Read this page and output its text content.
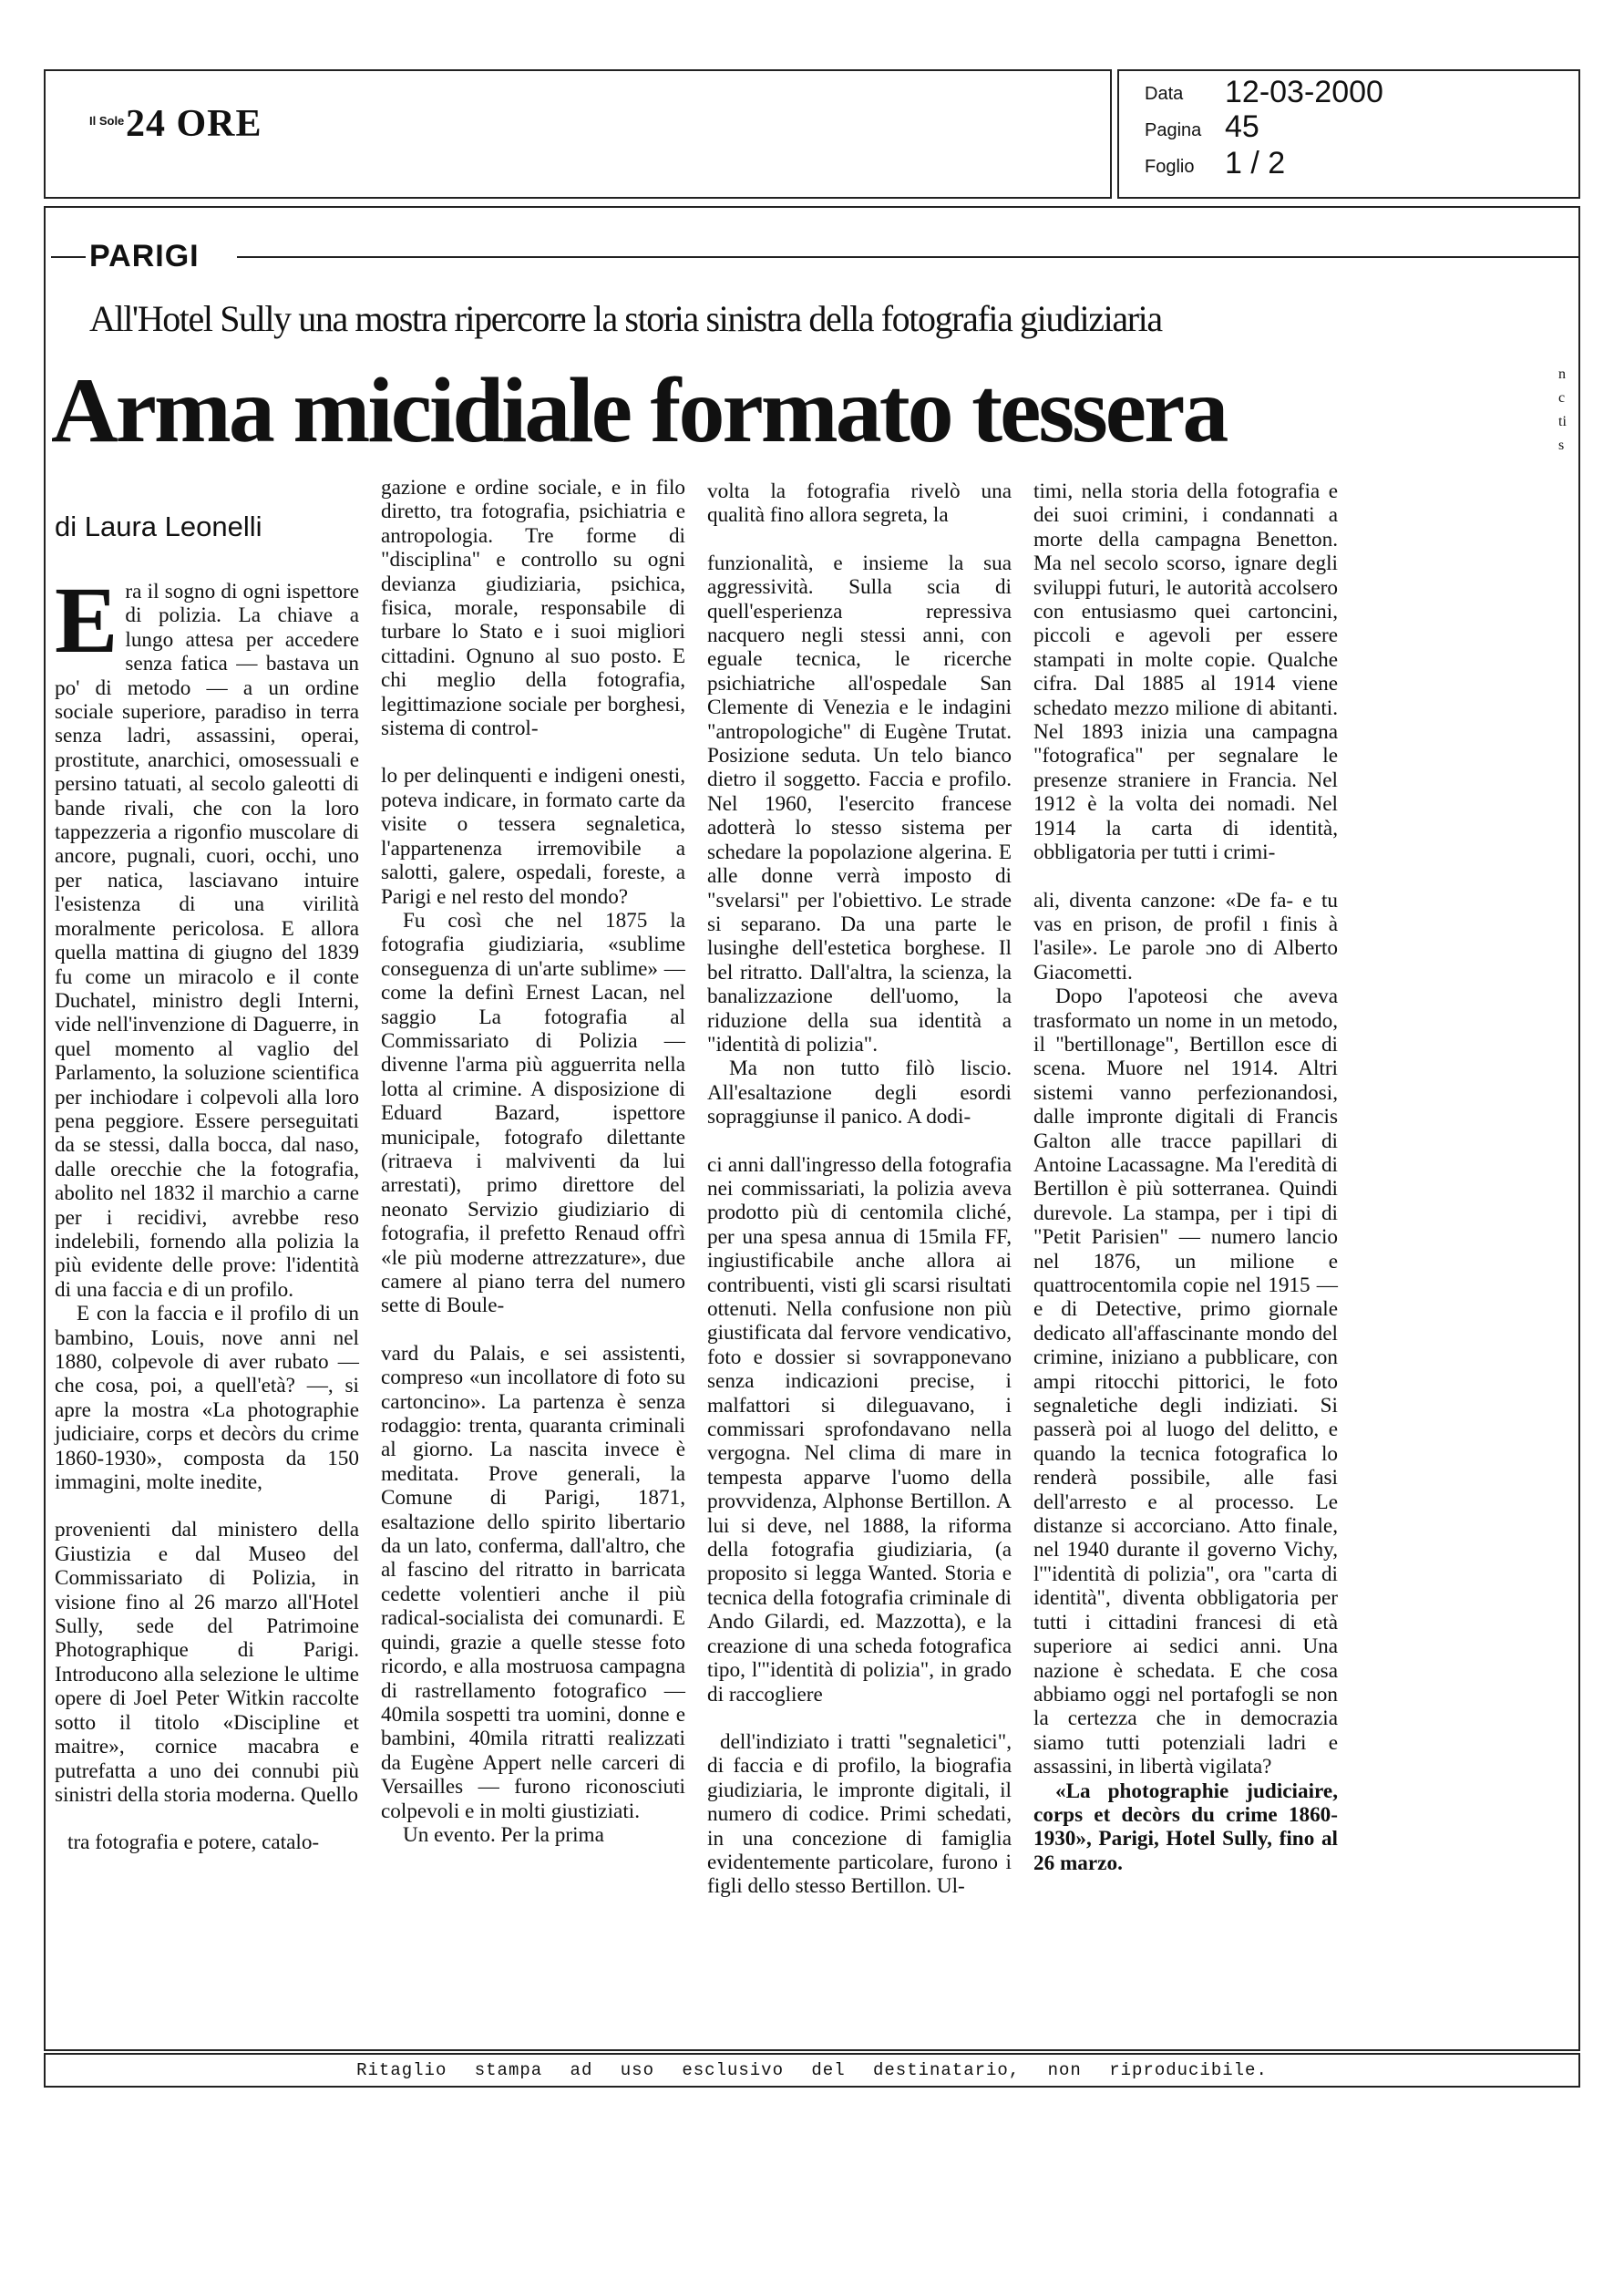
Il Sole 24 ORE
Data 12-03-2000
Pagina 45
Foglio 1 / 2
PARIGI
All'Hotel Sully una mostra ripercorre la storia sinistra della fotografia giudiziaria
Arma micidiale formato tessera	n
c
ti
s
di Laura Leonelli

Era il sogno di ogni ispettore di polizia. La chiave a lungo attesa per accedere senza fatica — bastava un po' di metodo — a un ordine sociale superiore, paradiso in terra senza ladri, assassini, operai, prostitute, anarchici, omosessuali e persino tatuati, al secolo galeotti di bande rivali, che con la loro tappezzeria a rigonfio muscolare di ancore, pugnali, cuori, occhi, uno per natica, lasciavano intuire l'esistenza di una virilità moralmente pericolosa. E allora quella mattina di giugno del 1839 fu come un miracolo e il conte Duchatel, ministro degli Interni, vide nell'invenzione di Daguerre, in quel momento al vaglio del Parlamento, la soluzione scientifica per inchiodare i colpevoli alla loro pena peggiore. Essere perseguitati da se stessi, dalla bocca, dal naso, dalle orecchie che la fotografia, abolito nel 1832 il marchio a carne per i recidivi, avrebbe reso indelebili, fornendo alla polizia la più evidente delle prove: l'identità di una faccia e di un profilo.

E con la faccia e il profilo di un bambino, Louis, nove anni nel 1880, colpevole di aver rubato — che cosa, poi, a quell'età? —, si apre la mostra «La photographie judiciaire, corps et decòrs du crime 1860-1930», composta da 150 immagini, molte inedite,

provenienti dal ministero della Giustizia e dal Museo del Commissariato di Polizia, in visione fino al 26 marzo all'Hotel Sully, sede del Patrimoine Photographique di Parigi. Introducono alla selezione le ultime opere di Joel Peter Witkin raccolte sotto il titolo «Discipline et maitre», cornice macabra e putrefatta a uno dei connubi più sinistri della storia moderna. Quello

tra fotografia e potere, catalo-

gazione e ordine sociale, e in filo diretto, tra fotografia, psichiatria e antropologia. Tre forme di "disciplina" e controllo su ogni devianza giudiziaria, psichica, fisica, morale, responsabile di turbare lo Stato e i suoi migliori cittadini. Ognuno al suo posto. E chi meglio della fotografia, legittimazione sociale per borghesi, sistema di control-

lo per delinquenti e indigeni onesti, poteva indicare, in formato carte da visite o tessera segnaletica, l'appartenenza irremovibile a salotti, galere, ospedali, foreste, a Parigi e nel resto del mondo?

Fu così che nel 1875 la fotografia giudiziaria, «sublime conseguenza di un'arte sublime» — come la definì Ernest Lacan, nel saggio La fotografia al Commissariato di Polizia — divenne l'arma più agguerrita nella lotta al crimine. A disposizione di Eduard Bazard, ispettore municipale, fotografo dilettante (ritraeva i malviventi da lui arrestati), primo direttore del neonato Servizio giudiziario di fotografia, il prefetto Renaud offrì «le più moderne attrezzature», due camere al piano terra del numero sette di Boule-

vard du Palais, e sei assistenti, compreso «un incollatore di foto su cartoncino». La partenza è senza rodaggio: trenta, quaranta criminali al giorno. La nascita invece è meditata. Prove generali, la Comune di Parigi, 1871, esaltazione dello spirito libertario da un lato, conferma, dall'altro, che al fascino del ritratto in barricata cedette volentieri anche il più radical-socialista dei comunardi. E quindi, grazie a quelle stesse foto ricordo, e alla mostruosa campagna di rastrellamento fotografico — 40mila sospetti tra uomini, donne e bambini, 40mila ritratti realizzati da Eugène Appert nelle carceri di Versailles — furono riconosciuti colpevoli e in molti giustiziati.

Un evento. Per la prima

volta la fotografia rivelò una qualità fino allora segreta, la

funzionalità, e insieme la sua aggressività. Sulla scia di quell'esperienza repressiva nacquero negli stessi anni, con eguale tecnica, le ricerche psichiatriche all'ospedale San Clemente di Venezia e le indagini "antropologiche" di Eugène Trutat. Posizione seduta. Un telo bianco dietro il soggetto. Faccia e profilo. Nel 1960, l'esercito francese adotterà lo stesso sistema per schedare la popolazione algerina. E alle donne verrà imposto di "svelarsi" per l'obiettivo. Le strade si separano. Da una parte le lusinghe dell'estetica borghese. Il bel ritratto. Dall'altra, la scienza, la banalizzazione dell'uomo, la riduzione della sua identità a "identità di polizia".

Ma non tutto filò liscio. All'esaltazione degli esordi sopraggiunse il panico. A dodi-

ci anni dall'ingresso della fotografia nei commissariati, la polizia aveva prodotto più di centomila cliché, per una spesa annua di 15mila FF, ingiustificabile anche allora ai contribuenti, visti gli scarsi risultati ottenuti. Nella confusione non più giustificata dal fervore vendicativo, foto e dossier si sovrapponevano senza indicazioni precise, i malfattori si dileguavano, i commissari sprofondavano nella vergogna. Nel clima di mare in tempesta apparve l'uomo della provvidenza, Alphonse Bertillon. A lui si deve, nel 1888, la riforma della fotografia giudiziaria, (a proposito si legga Wanted. Storia e tecnica della fotografia criminale di Ando Gilardi, ed. Mazzotta), e la creazione di una scheda fotografica tipo, l'"identità di polizia", in grado di raccogliere

dell'indiziato i tratti "segnaletici", di faccia e di profilo, la biografia giudiziaria, le impronte digitali, il numero di codice. Primi schedati, in una concezione di famiglia evidentemente particolare, furono i figli dello stesso Bertillon. Ul-

timi, nella storia della fotografia e dei suoi crimini, i condannati a morte della campagna Benetton. Ma nel secolo scorso, ignare degli sviluppi futuri, le autorità accolsero con entusiasmo quei cartoncini, piccoli e agevoli per essere stampati in molte copie. Qualche cifra. Dal 1885 al 1914 viene schedato mezzo milione di abitanti. Nel 1893 inizia una campagna "fotografica" per segnalare le presenze straniere in Francia. Nel 1912 è la volta dei nomadi. Nel 1914 la carta di identità, obbligatoria per tutti i crimi-

ali, diventa canzone: «De fa- e tu vas en prison, de profil ı finis à l'asile». Le parole ɔno di Alberto Giacometti.

Dopo l'apoteosi che aveva trasformato un nome in un metodo, il "bertillonage", Bertillon esce di scena. Muore nel 1914. Altri sistemi vanno perfezionandosi, dalle impronte digitali di Francis Galton alle tracce papillari di Antoine Lacassagne. Ma l'eredità di Bertillon è più sotterranea. Quindi durevole. La stampa, per i tipi di "Petit Parisien" — numero lancio nel 1876, un milione e quattrocentomila copie nel 1915 — e di Detective, primo giornale dedicato all'affascinante mondo del crimine, iniziano a pubblicare, con ampi ritocchi pittorici, le foto segnaletiche degli indiziati. Si passerà poi al luogo del delitto, e quando la tecnica fotografica lo renderà possibile, alle fasi dell'arresto e al processo. Le distanze si accorciano. Atto finale, nel 1940 durante il governo Vichy, l'"identità di polizia", ora "carta di identità", diventa obbligatoria per tutti i cittadini francesi di età superiore ai sedici anni. Una nazione è schedata. E che cosa abbiamo oggi nel portafogli se non la certezza che in democrazia siamo tutti potenziali ladri e assassini, in libertà vigilata?

«La photographie judiciaire, corps et decòrs du crime 1860-1930», Parigi, Hotel Sully, fino al 26 marzo.

Ritaglio stampa ad uso esclusivo del destinatario, non riproducibile.
